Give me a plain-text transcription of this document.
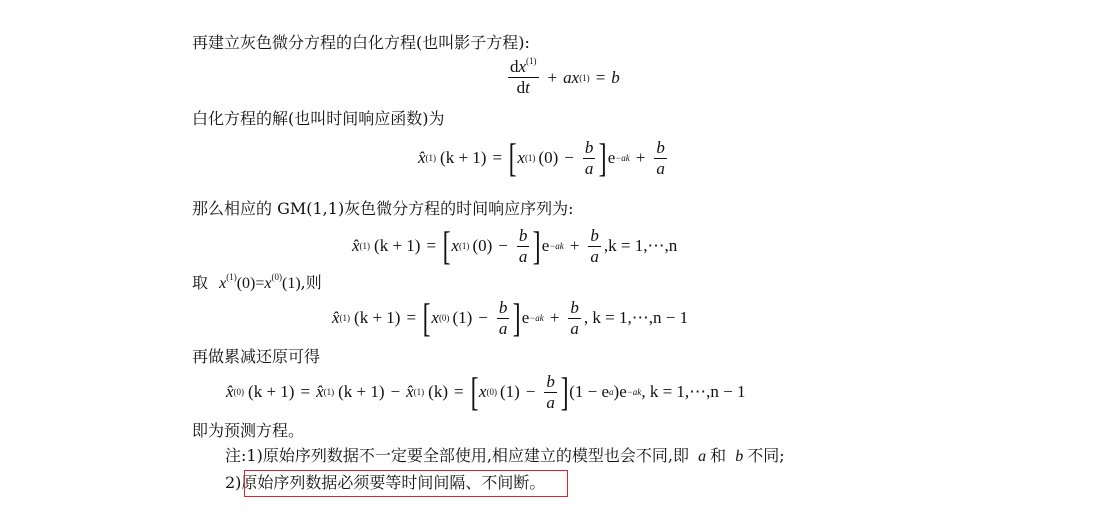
再建立灰色微分方程的白化方程(也叫影子方程):
$\frac{dx^{(1)}}{dt} + a$ x (1) = b
白化方程的解(也叫时间响应函数)为
x̂ (1) (k + 1) = [ x (1) $(0) - \frac{b}{a}$ ] $e -ak + \frac{b}{a}$
那么相应的 GM(1,1)灰色微分方程的时间响应序列为:
x̂ (1) (k + 1) = [ x (1) $(0) - \frac{b}{a}$ ] $e -ak + \frac{b}{a} ,k$ = 1,⋯,n
取 $x^{(1)}(0)=x^{(0)}(1)$,则
x̂ (1) (k + 1) = [ x (0) $(1) - \frac{b}{a}$ ] $e -ak + \frac{b}{a}$ , k = 1,⋯,n − 1
再做累减还原可得
x̂ (0) (k + 1) = x̂ (1) (k + 1) − x̂ (1) (k) = [ x (0) $(1) - \frac{b}{a}$ ] (1 − e a ) e −ak , k = 1,⋯,n − 1
即为预测方程。
注:1)原始序列数据不一定要全部使用,相应建立的模型也会不同,即 a 和 b 不同;
2)原始序列数据必须要等时间间隔、不间断。
